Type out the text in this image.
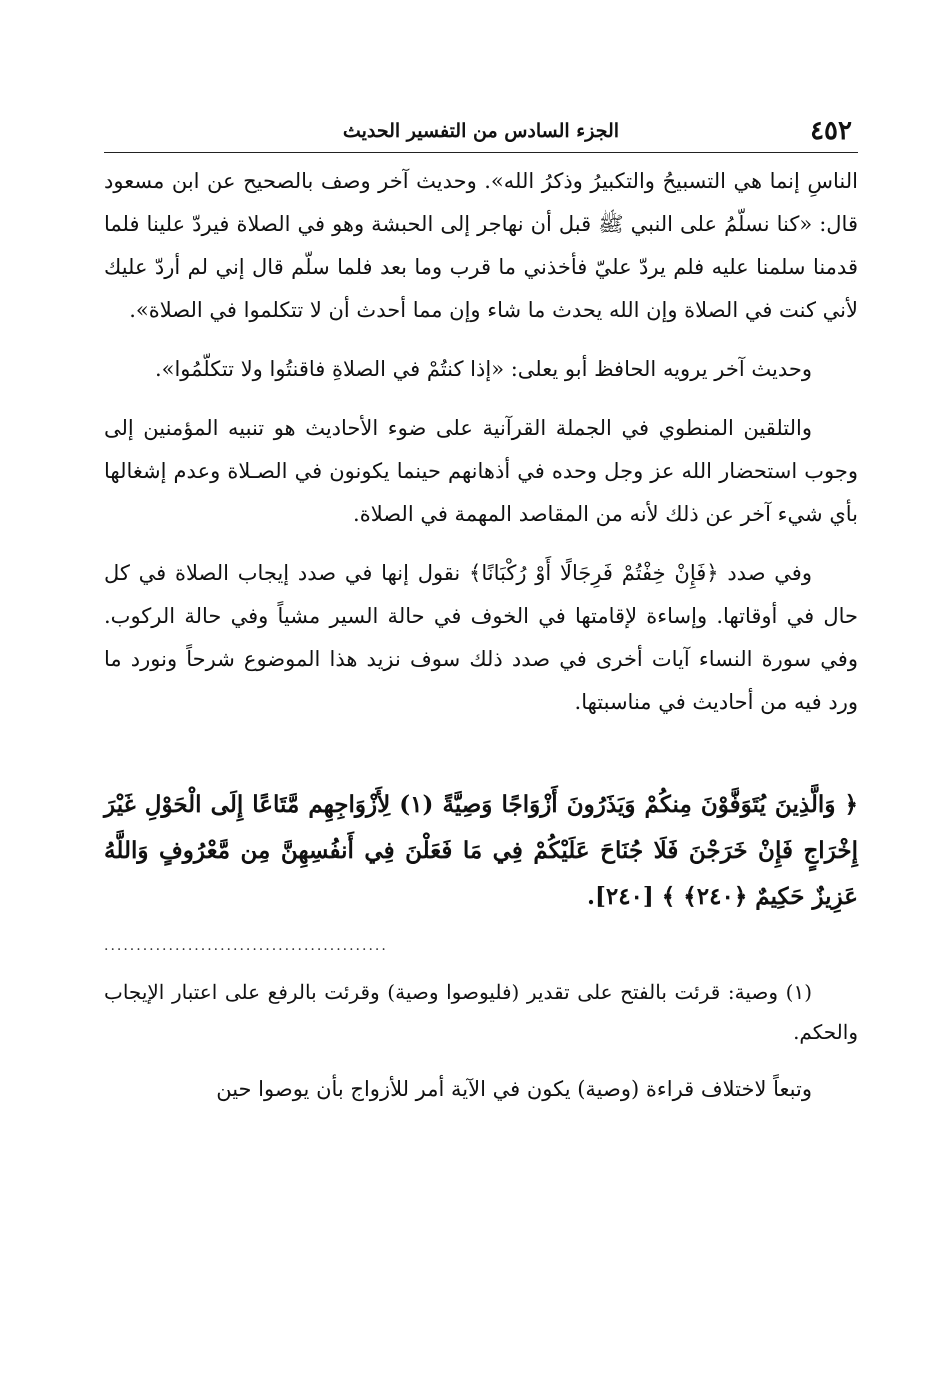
٤٥٢
الجزء السادس من التفسير الحديث

الناسِ إنما هي التسبيحُ والتكبيرُ وذكرُ الله». وحديث آخر وصف بالصحيح عن ابن مسعود قال: «كنا نسلّمُ على النبي ﷺ قبل أن نهاجر إلى الحبشة وهو في الصلاة فيردّ علينا فلما قدمنا سلمنا عليه فلم يردّ عليّ فأخذني ما قرب وما بعد فلما سلّم قال إني لم أردّ عليك لأني كنت في الصلاة وإن الله يحدث ما شاء وإن مما أحدث أن لا تتكلموا في الصلاة».

وحديث آخر يرويه الحافظ أبو يعلى: «إذا كنتُمْ في الصلاةِ فاقنتُوا ولا تتكلّمُوا».

والتلقين المنطوي في الجملة القرآنية على ضوء الأحاديث هو تنبيه المؤمنين إلى وجوب استحضار الله عز وجل وحده في أذهانهم حينما يكونون في الصـلاة وعدم إشغالها بأي شيء آخر عن ذلك لأنه من المقاصد المهمة في الصلاة.

وفي صدد ﴿فَإِنْ خِفْتُمْ فَرِجَالًا أَوْ رُكْبَانًا﴾ نقول إنها في صدد إيجاب الصلاة في كل حال في أوقاتها. وإساءة لإقامتها في الخوف في حالة السير مشياً وفي حالة الركوب. وفي سورة النساء آيات أخرى في صدد ذلك سوف نزيد هذا الموضوع شرحاً ونورد ما ورد فيه من أحاديث في مناسبتها.

﴿ وَالَّذِينَ يُتَوَفَّوْنَ مِنكُمْ وَيَذَرُونَ أَزْوَاجًا وَصِيَّةً (١) لِأَزْوَاجِهِم مَّتَاعًا إِلَى الْحَوْلِ غَيْرَ إِخْرَاجٍ فَإِنْ خَرَجْنَ فَلَا جُنَاحَ عَلَيْكُمْ فِي مَا فَعَلْنَ فِي أَنفُسِهِنَّ مِن مَّعْرُوفٍ وَاللَّهُ عَزِيزٌ حَكِيمٌ ﴿٢٤٠﴾ ﴾ [٢٤٠].

............................................

(١) وصية: قرئت بالفتح على تقدير (فليوصوا وصية) وقرئت بالرفع على اعتبار الإيجاب والحكم.

وتبعاً لاختلاف قراءة (وصية) يكون في الآية أمر للأزواج بأن يوصوا حين
